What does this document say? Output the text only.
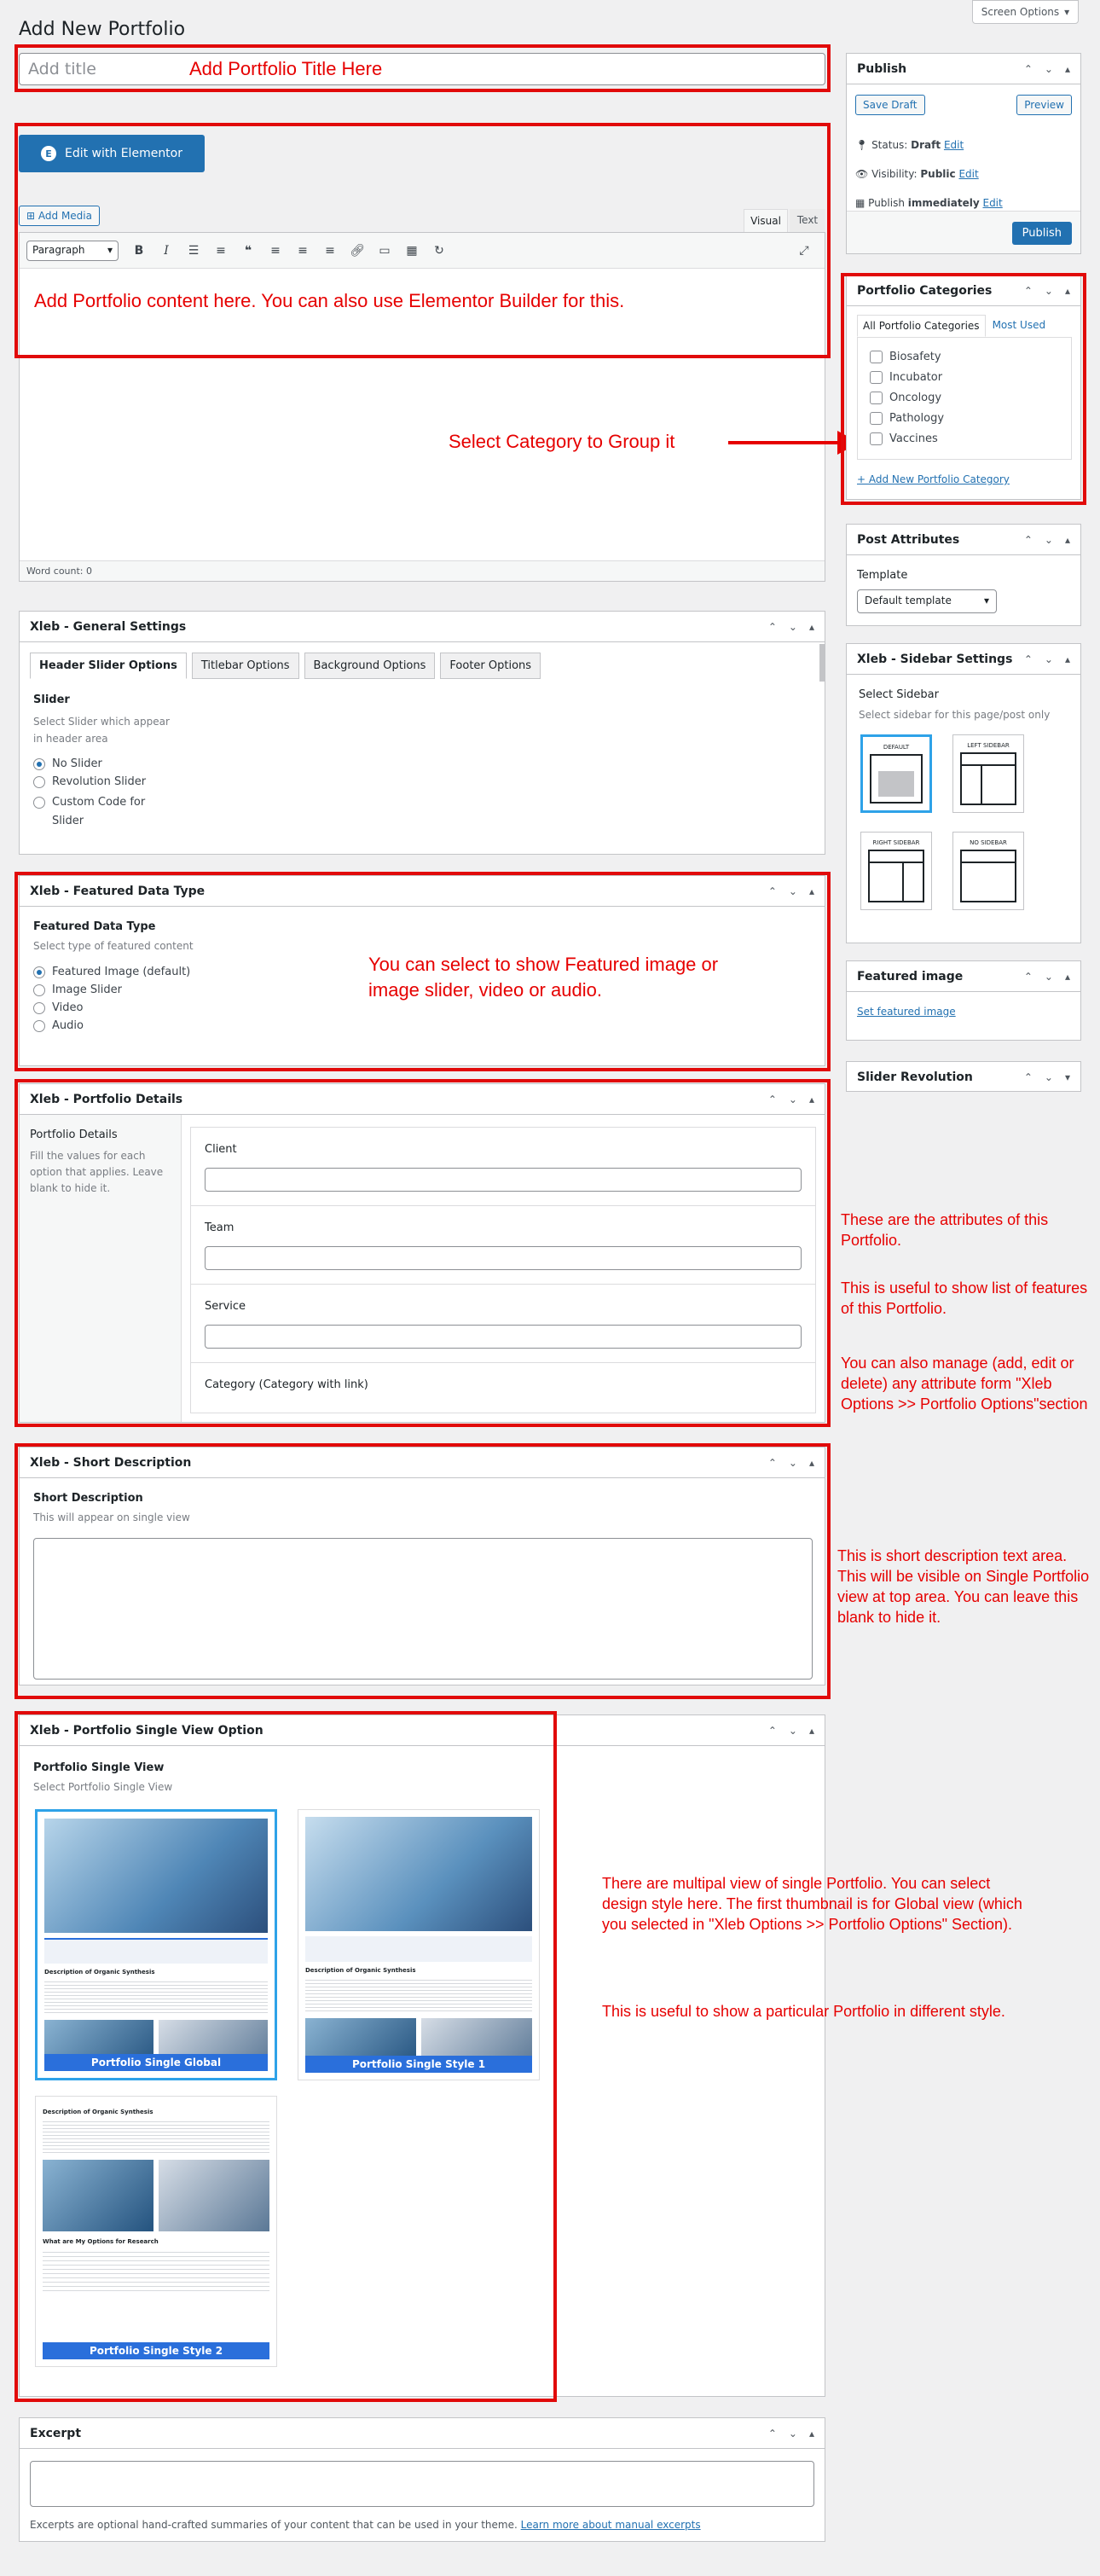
Add New Portfolio
Screen Options ▾
Add title	Add Portfolio Title Here
E	Edit with Elementor
⊞ Add Media	Visual	Text
Paragraph ▾	B	I	☰	≡	❝	≡	≡	≡	🔗︎	▭	▦	↻	⤢
Word count: 0
Add Portfolio content here. You can also use Elementor Builder for this.
Select Category to Group it
Xleb - General Settings	⌃ ⌄ ▴
Header Slider Options	Titlebar Options	Background Options	Footer Options
Slider
Select Slider which appear in header area
No Slider
Revolution Slider
Custom Code for Slider
Xleb - Featured Data Type	⌃ ⌄ ▴
Featured Data Type
Select type of featured content
Featured Image (default)
Image Slider
Video
Audio
You can select to show Featured image or image slider, video or audio.
Xleb - Portfolio Details	⌃ ⌄ ▴
Portfolio Details
Fill the values for each option that applies. Leave blank to hide it.
Client
Team
Service
Category (Category with link)
These are the attributes of this Portfolio.
This is useful to show list of features of this Portfolio.
You can also manage (add, edit or delete) any attribute form "Xleb Options >> Portfolio Options"section
Xleb - Short Description	⌃ ⌄ ▴
Short Description
This will appear on single view
This is short description text area. This will be visible on Single Portfolio view at top area. You can leave this blank to hide it.
Xleb - Portfolio Single View Option	⌃ ⌄ ▴
Portfolio Single View
Select Portfolio Single View
Description of Organic Synthesis
Portfolio Single Global
Description of Organic Synthesis
Portfolio Single Style 1
Description of Organic Synthesis
What are My Options for Research
Portfolio Single Style 2
There are multipal view of single Portfolio. You can select design style here. The first thumbnail is for Global view (which you selected in "Xleb Options >> Portfolio Options" Section).
This is useful to show a particular Portfolio in different style.
Excerpt	⌃ ⌄ ▴
Excerpts are optional hand-crafted summaries of your content that can be used in your theme. Learn more about manual excerpts
Publish	⌃ ⌄ ▴
Save Draft	Preview
📍︎ Status: Draft Edit
👁︎ Visibility: Public Edit
▦ Publish immediately Edit
Publish
Portfolio Categories	⌃ ⌄ ▴
All Portfolio Categories	Most Used
Biosafety
Incubator
Oncology
Pathology
Vaccines
+ Add New Portfolio Category
Post Attributes	⌃ ⌄ ▴
Template
Default template	▾
Xleb - Sidebar Settings	⌃ ⌄ ▴
Select Sidebar
Select sidebar for this page/post only
DEFAULT	LEFT SIDEBAR
RIGHT SIDEBAR	NO SIDEBAR
Featured image	⌃ ⌄ ▴
Set featured image
Slider Revolution	⌃ ⌄ ▾
